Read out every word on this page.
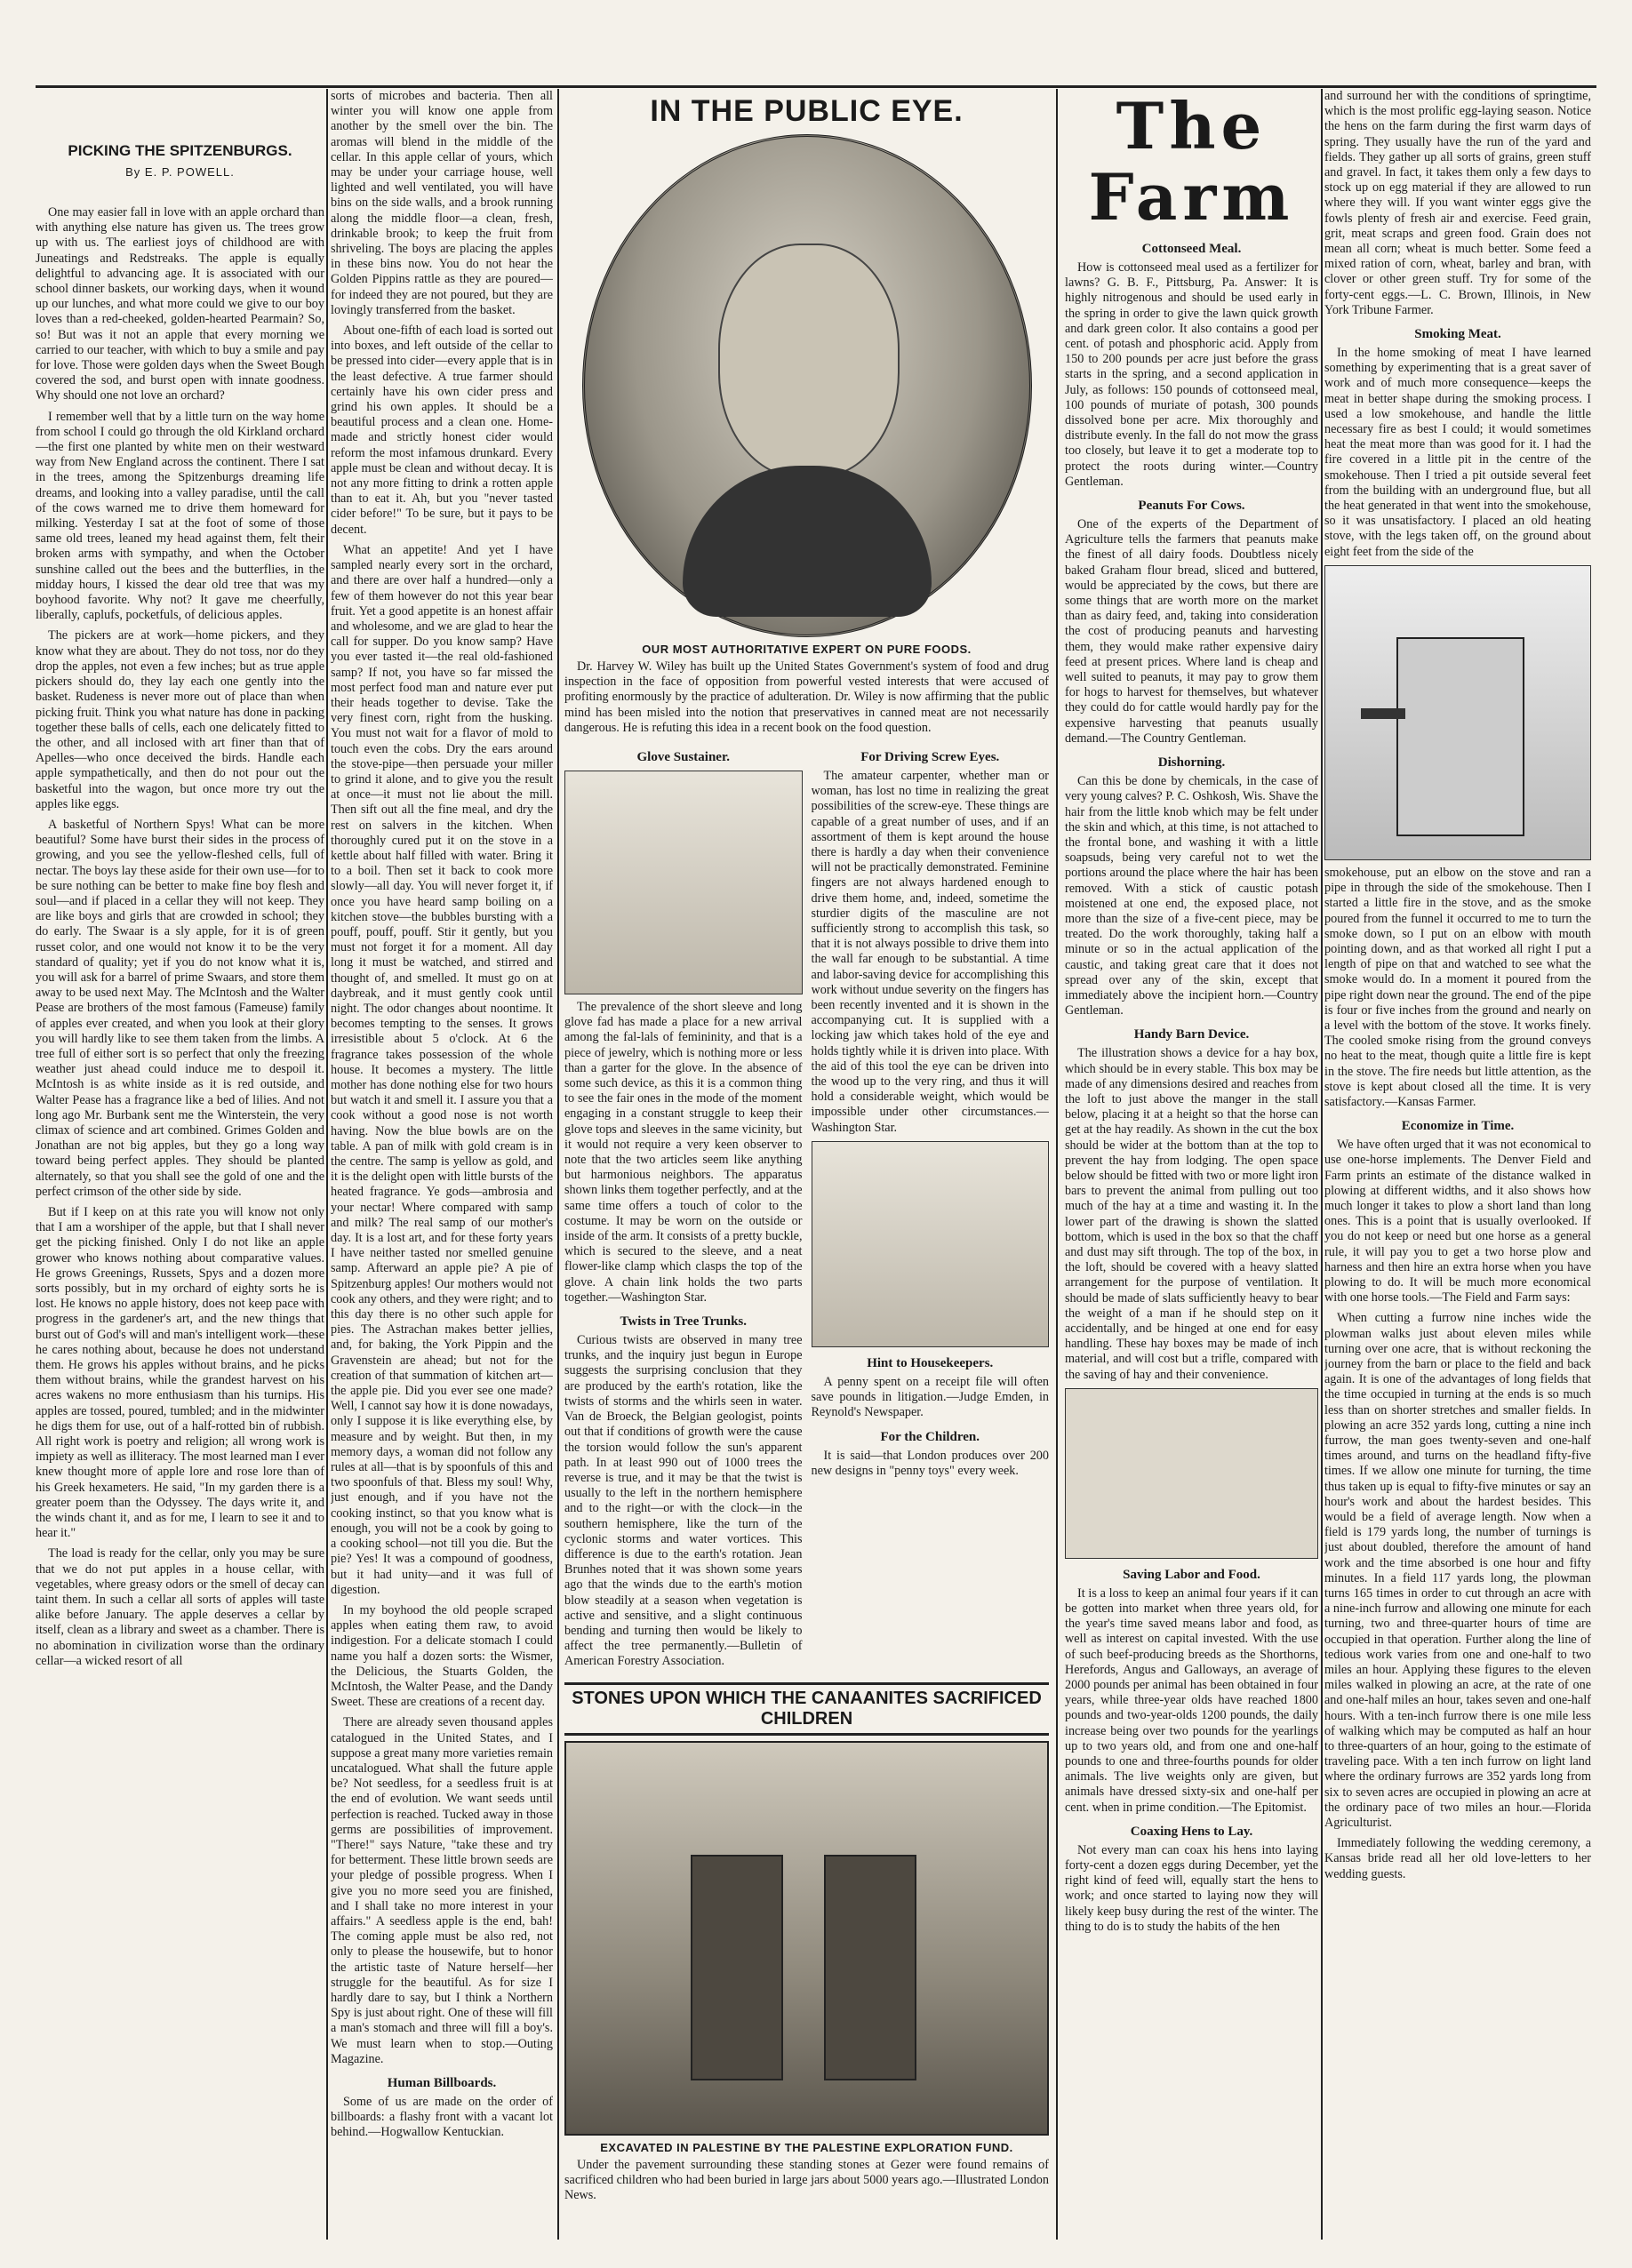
PICKING THE SPITZENBURGS.
By E. P. POWELL.

One may easier fall in love with an apple orchard than with anything else nature has given us. The trees grow up with us. The earliest joys of childhood are with Juneatings and Redstreaks. The apple is equally delightful to advancing age. It is associated with our school dinner baskets, our working days, when it wound up our lunches, and what more could we give to our boy loves than a red-cheeked, golden-hearted Pearmain? So, so! But was it not an apple that every morning we carried to our teacher, with which to buy a smile and pay for love. Those were golden days when the Sweet Bough covered the sod, and burst open with innate goodness. Why should one not love an orchard?

I remember well that by a little turn on the way home from school I could go through the old Kirkland orchard—the first one planted by white men on their westward way from New England across the continent. There I sat in the trees, among the Spitzenburgs dreaming life dreams, and looking into a valley paradise, until the call of the cows warned me to drive them homeward for milking. Yesterday I sat at the foot of some of those same old trees, leaned my head against them, felt their broken arms with sympathy, and when the October sunshine called out the bees and the butterflies, in the midday hours, I kissed the dear old tree that was my boyhood favorite. Why not? It gave me cheerfully, liberally, caplufs, pocketfuls, of delicious apples.

The pickers are at work—home pickers, and they know what they are about. They do not toss, nor do they drop the apples, not even a few inches; but as true apple pickers should do, they lay each one gently into the basket. Rudeness is never more out of place than when picking fruit. Think you what nature has done in packing together these balls of cells, each one delicately fitted to the other, and all inclosed with art finer than that of Apelles—who once deceived the birds. Handle each apple sympathetically, and then do not pour out the basketful into the wagon, but once more try out the apples like eggs.

A basketful of Northern Spys! What can be more beautiful? Some have burst their sides in the process of growing, and you see the yellow-fleshed cells, full of nectar. The boys lay these aside for their own use—for to be sure nothing can be better to make fine boy flesh and soul—and if placed in a cellar they will not keep. They are like boys and girls that are crowded in school; they do early. The Swaar is a sly apple, for it is of green russet color, and one would not know it to be the very standard of quality; yet if you do not know what it is, you will ask for a barrel of prime Swaars, and store them away to be used next May. The McIntosh and the Walter Pease are brothers of the most famous (Fameuse) family of apples ever created, and when you look at their glory you will hardly like to see them taken from the limbs. A tree full of either sort is so perfect that only the freezing weather just ahead could induce me to despoil it. McIntosh is as white inside as it is red outside, and Walter Pease has a fragrance like a bed of lilies. And not long ago Mr. Burbank sent me the Winterstein, the very climax of science and art combined. Grimes Golden and Jonathan are not big apples, but they go a long way toward being perfect apples. They should be planted alternately, so that you shall see the gold of one and the perfect crimson of the other side by side.

But if I keep on at this rate you will know not only that I am a worshiper of the apple, but that I shall never get the picking finished. Only I do not like an apple grower who knows nothing about comparative values. He grows Greenings, Russets, Spys and a dozen more sorts possibly, but in my orchard of eighty sorts he is lost. He knows no apple history, does not keep pace with progress in the gardener's art, and the new things that burst out of God's will and man's intelligent work—these he cares nothing about, because he does not understand them. He grows his apples without brains, and he picks them without brains, while the grandest harvest on his acres wakens no more enthusiasm than his turnips. His apples are tossed, poured, tumbled; and in the midwinter he digs them for use, out of a half-rotted bin of rubbish. All right work is poetry and religion; all wrong work is impiety as well as illiteracy. The most learned man I ever knew thought more of apple lore and rose lore than of his Greek hexameters. He said, "In my garden there is a greater poem than the Odyssey. The days write it, and the winds chant it, and as for me, I learn to see it and to hear it."

The load is ready for the cellar, only you may be sure that we do not put apples in a house cellar, with vegetables, where greasy odors or the smell of decay can taint them. In such a cellar all sorts of apples will taste alike before January. The apple deserves a cellar by itself, clean as a library and sweet as a chamber. There is no abomination in civilization worse than the ordinary cellar—a wicked resort of all

sorts of microbes and bacteria. Then all winter you will know one apple from another by the smell over the bin. The aromas will blend in the middle of the cellar. In this apple cellar of yours, which may be under your carriage house, well lighted and well ventilated, you will have bins on the side walls, and a brook running along the middle floor—a clean, fresh, drinkable brook; to keep the fruit from shriveling. The boys are placing the apples in these bins now. You do not hear the Golden Pippins rattle as they are poured—for indeed they are not poured, but they are lovingly transferred from the basket.

About one-fifth of each load is sorted out into boxes, and left outside of the cellar to be pressed into cider—every apple that is in the least defective. A true farmer should certainly have his own cider press and grind his own apples. It should be a beautiful process and a clean one. Home-made and strictly honest cider would reform the most infamous drunkard. Every apple must be clean and without decay. It is not any more fitting to drink a rotten apple than to eat it. Ah, but you "never tasted cider before!" To be sure, but it pays to be decent.

What an appetite! And yet I have sampled nearly every sort in the orchard, and there are over half a hundred—only a few of them however do not this year bear fruit. Yet a good appetite is an honest affair and wholesome, and we are glad to hear the call for supper. Do you know samp? Have you ever tasted it—the real old-fashioned samp? If not, you have so far missed the most perfect food man and nature ever put their heads together to devise. Take the very finest corn, right from the husking. You must not wait for a flavor of mold to touch even the cobs. Dry the ears around the stove-pipe—then persuade your miller to grind it alone, and to give you the result at once—it must not lie about the mill. Then sift out all the fine meal, and dry the rest on salvers in the kitchen. When thoroughly cured put it on the stove in a kettle about half filled with water. Bring it to a boil. Then set it back to cook more slowly—all day. You will never forget it, if once you have heard samp boiling on a kitchen stove—the bubbles bursting with a pouff, pouff, pouff. Stir it gently, but you must not forget it for a moment. All day long it must be watched, and stirred and thought of, and smelled. It must go on at daybreak, and it must gently cook until night. The odor changes about noontime. It becomes tempting to the senses. It grows irresistible about 5 o'clock. At 6 the fragrance takes possession of the whole house. It becomes a mystery. The little mother has done nothing else for two hours but watch it and smell it. I assure you that a cook without a good nose is not worth having. Now the blue bowls are on the table. A pan of milk with gold cream is in the centre. The samp is yellow as gold, and it is the delight open with little bursts of the heated fragrance. Ye gods—ambrosia and your nectar! Where compared with samp and milk? The real samp of our mother's day. It is a lost art, and for these forty years I have neither tasted nor smelled genuine samp. Afterward an apple pie? A pie of Spitzenburg apples! Our mothers would not cook any others, and they were right; and to this day there is no other such apple for pies. The Astrachan makes better jellies, and, for baking, the York Pippin and the Gravenstein are ahead; but not for the creation of that summation of kitchen art—the apple pie. Did you ever see one made? Well, I cannot say how it is done nowadays, only I suppose it is like everything else, by measure and by weight. But then, in my memory days, a woman did not follow any rules at all—that is by spoonfuls of this and two spoonfuls of that. Bless my soul! Why, just enough, and if you have not the cooking instinct, so that you know what is enough, you will not be a cook by going to a cooking school—not till you die. But the pie? Yes! It was a compound of goodness, but it had unity—and it was full of digestion.

In my boyhood the old people scraped apples when eating them raw, to avoid indigestion. For a delicate stomach I could name you half a dozen sorts: the Wismer, the Delicious, the Stuarts Golden, the McIntosh, the Walter Pease, and the Dandy Sweet. These are creations of a recent day.

There are already seven thousand apples catalogued in the United States, and I suppose a great many more varieties remain uncatalogued. What shall the future apple be? Not seedless, for a seedless fruit is at the end of evolution. We want seeds until perfection is reached. Tucked away in those germs are possibilities of improvement. "There!" says Nature, "take these and try for betterment. These little brown seeds are your pledge of possible progress. When I give you no more seed you are finished, and I shall take no more interest in your affairs." A seedless apple is the end, bah! The coming apple must be also red, not only to please the housewife, but to honor the artistic taste of Nature herself—her struggle for the beautiful. As for size I hardly dare to say, but I think a Northern Spy is just about right. One of these will fill a man's stomach and three will fill a boy's. We must learn when to stop.—Outing Magazine.

Human Billboards.

Some of us are made on the order of billboards: a flashy front with a vacant lot behind.—Hogwallow Kentuckian.

IN THE PUBLIC EYE.
OUR MOST AUTHORITATIVE EXPERT ON PURE FOODS.

Dr. Harvey W. Wiley has built up the United States Government's system of food and drug inspection in the face of opposition from powerful vested interests that were accused of profiting enormously by the practice of adulteration. Dr. Wiley is now affirming that the public mind has been misled into the notion that preservatives in canned meat are not necessarily dangerous. He is refuting this idea in a recent book on the food question.

Glove Sustainer.

The prevalence of the short sleeve and long glove fad has made a place for a new arrival among the fal-lals of femininity, and that is a piece of jewelry, which is nothing more or less than a garter for the glove. In the absence of some such device, as this it is a common thing to see the fair ones in the mode of the moment engaging in a constant struggle to keep their glove tops and sleeves in the same vicinity, but it would not require a very keen observer to note that the two articles seem like anything but harmonious neighbors. The apparatus shown links them together perfectly, and at the same time offers a touch of color to the costume. It may be worn on the outside or inside of the arm. It consists of a pretty buckle, which is secured to the sleeve, and a neat flower-like clamp which clasps the top of the glove. A chain link holds the two parts together.—Washington Star.

Twists in Tree Trunks.

Curious twists are observed in many tree trunks, and the inquiry just begun in Europe suggests the surprising conclusion that they are produced by the earth's rotation, like the twists of storms and the whirls seen in water. Van de Broeck, the Belgian geologist, points out that if conditions of growth were the cause the torsion would follow the sun's apparent path. In at least 990 out of 1000 trees the reverse is true, and it may be that the twist is usually to the left in the northern hemisphere and to the right—or with the clock—in the southern hemisphere, like the turn of the cyclonic storms and water vortices. This difference is due to the earth's rotation. Jean Brunhes noted that it was shown some years ago that the winds due to the earth's motion blow steadily at a season when vegetation is active and sensitive, and a slight continuous bending and turning then would be likely to affect the tree permanently.—Bulletin of American Forestry Association.

For Driving Screw Eyes.

The amateur carpenter, whether man or woman, has lost no time in realizing the great possibilities of the screw-eye. These things are capable of a great number of uses, and if an assortment of them is kept around the house there is hardly a day when their convenience will not be practically demonstrated. Feminine fingers are not always hardened enough to drive them home, and, indeed, sometime the sturdier digits of the masculine are not sufficiently strong to accomplish this task, so that it is not always possible to drive them into the wall far enough to be substantial. A time and labor-saving device for accomplishing this work without undue severity on the fingers has been recently invented and it is shown in the accompanying cut. It is supplied with a locking jaw which takes hold of the eye and holds tightly while it is driven into place. With the aid of this tool the eye can be driven into the wood up to the very ring, and thus it will hold a considerable weight, which would be impossible under other circumstances.—Washington Star.

Hint to Housekeepers.

A penny spent on a receipt file will often save pounds in litigation.—Judge Emden, in Reynold's Newspaper.

For the Children.

It is said—that London produces over 200 new designs in "penny toys" every week.

STONES UPON WHICH THE CANAANITES SACRIFICED CHILDREN
EXCAVATED IN PALESTINE BY THE PALESTINE EXPLORATION FUND.

Under the pavement surrounding these standing stones at Gezer were found remains of sacrificed children who had been buried in large jars about 5000 years ago.—Illustrated London News.

The Farm
Cottonseed Meal.

How is cottonseed meal used as a fertilizer for lawns? G. B. F., Pittsburg, Pa. Answer: It is highly nitrogenous and should be used early in the spring in order to give the lawn quick growth and dark green color. It also contains a good per cent. of potash and phosphoric acid. Apply from 150 to 200 pounds per acre just before the grass starts in the spring, and a second application in July, as follows: 150 pounds of cottonseed meal, 100 pounds of muriate of potash, 300 pounds dissolved bone per acre. Mix thoroughly and distribute evenly. In the fall do not mow the grass too closely, but leave it to get a moderate top to protect the roots during winter.—Country Gentleman.

Peanuts For Cows.

One of the experts of the Department of Agriculture tells the farmers that peanuts make the finest of all dairy foods. Doubtless nicely baked Graham flour bread, sliced and buttered, would be appreciated by the cows, but there are some things that are worth more on the market than as dairy feed, and, taking into consideration the cost of producing peanuts and harvesting them, they would make rather expensive dairy feed at present prices. Where land is cheap and well suited to peanuts, it may pay to grow them for hogs to harvest for themselves, but whatever they could do for cattle would hardly pay for the expensive harvesting that peanuts usually demand.—The Country Gentleman.

Dishorning.

Can this be done by chemicals, in the case of very young calves? P. C. Oshkosh, Wis. Shave the hair from the little knob which may be felt under the skin and which, at this time, is not attached to the frontal bone, and washing it with a little soapsuds, being very careful not to wet the portions around the place where the hair has been removed. With a stick of caustic potash moistened at one end, the exposed place, not more than the size of a five-cent piece, may be treated. Do the work thoroughly, taking half a minute or so in the actual application of the caustic, and taking great care that it does not spread over any of the skin, except that immediately above the incipient horn.—Country Gentleman.

Handy Barn Device.

The illustration shows a device for a hay box, which should be in every stable. This box may be made of any dimensions desired and reaches from the loft to just above the manger in the stall below, placing it at a height so that the horse can get at the hay readily. As shown in the cut the box should be wider at the bottom than at the top to prevent the hay from lodging. The open space below should be fitted with two or more light iron bars to prevent the animal from pulling out too much of the hay at a time and wasting it. In the lower part of the drawing is shown the slatted bottom, which is used in the box so that the chaff and dust may sift through. The top of the box, in the loft, should be covered with a heavy slatted arrangement for the purpose of ventilation. It should be made of slats sufficiently heavy to bear the weight of a man if he should step on it accidentally, and be hinged at one end for easy handling. These hay boxes may be made of inch material, and will cost but a trifle, compared with the saving of hay and their convenience.

Saving Labor and Food.

It is a loss to keep an animal four years if it can be gotten into market when three years old, for the year's time saved means labor and food, as well as interest on capital invested. With the use of such beef-producing breeds as the Shorthorns, Herefords, Angus and Galloways, an average of 2000 pounds per animal has been obtained in four years, while three-year olds have reached 1800 pounds and two-year-olds 1200 pounds, the daily increase being over two pounds for the yearlings up to two years old, and from one and one-half pounds to one and three-fourths pounds for older animals. The live weights only are given, but animals have dressed sixty-six and one-half per cent. when in prime condition.—The Epitomist.

Coaxing Hens to Lay.

Not every man can coax his hens into laying forty-cent a dozen eggs during December, yet the right kind of feed will, equally start the hens to work; and once started to laying now they will likely keep busy during the rest of the winter. The thing to do is to study the habits of the hen

and surround her with the conditions of springtime, which is the most prolific egg-laying season. Notice the hens on the farm during the first warm days of spring. They usually have the run of the yard and fields. They gather up all sorts of grains, green stuff and gravel. In fact, it takes them only a few days to stock up on egg material if they are allowed to run where they will. If you want winter eggs give the fowls plenty of fresh air and exercise. Feed grain, grit, meat scraps and green food. Grain does not mean all corn; wheat is much better. Some feed a mixed ration of corn, wheat, barley and bran, with clover or other green stuff. Try for some of the forty-cent eggs.—L. C. Brown, Illinois, in New York Tribune Farmer.

Smoking Meat.

In the home smoking of meat I have learned something by experimenting that is a great saver of work and of much more consequence—keeps the meat in better shape during the smoking process. I used a low smokehouse, and handle the little necessary fire as best I could; it would sometimes heat the meat more than was good for it. I had the fire covered in a little pit in the centre of the smokehouse. Then I tried a pit outside several feet from the building with an underground flue, but all the heat generated in that went into the smokehouse, so it was unsatisfactory. I placed an old heating stove, with the legs taken off, on the ground about eight feet from the side of the

smokehouse, put an elbow on the stove and ran a pipe in through the side of the smokehouse. Then I started a little fire in the stove, and as the smoke poured from the funnel it occurred to me to turn the smoke down, so I put on an elbow with mouth pointing down, and as that worked all right I put a length of pipe on that and watched to see what the smoke would do. In a moment it poured from the pipe right down near the ground. The end of the pipe is four or five inches from the ground and nearly on a level with the bottom of the stove. It works finely. The cooled smoke rising from the ground conveys no heat to the meat, though quite a little fire is kept in the stove. The fire needs but little attention, as the stove is kept about closed all the time. It is very satisfactory.—Kansas Farmer.

Economize in Time.

We have often urged that it was not economical to use one-horse implements. The Denver Field and Farm prints an estimate of the distance walked in plowing at different widths, and it also shows how much longer it takes to plow a short land than long ones. This is a point that is usually overlooked. If you do not keep or need but one horse as a general rule, it will pay you to get a two horse plow and harness and then hire an extra horse when you have plowing to do. It will be much more economical with one horse tools.—The Field and Farm says:

When cutting a furrow nine inches wide the plowman walks just about eleven miles while turning over one acre, that is without reckoning the journey from the barn or place to the field and back again. It is one of the advantages of long fields that the time occupied in turning at the ends is so much less than on shorter stretches and smaller fields. In plowing an acre 352 yards long, cutting a nine inch furrow, the man goes twenty-seven and one-half times around, and turns on the headland fifty-five times. If we allow one minute for turning, the time thus taken up is equal to fifty-five minutes or say an hour's work and about the hardest besides. This would be a field of average length. Now when a field is 179 yards long, the number of turnings is just about doubled, therefore the amount of hand work and the time absorbed is one hour and fifty minutes. In a field 117 yards long, the plowman turns 165 times in order to cut through an acre with a nine-inch furrow and allowing one minute for each turning, two and three-quarter hours of time are occupied in that operation. Further along the line of tedious work varies from one and one-half to two miles an hour. Applying these figures to the eleven miles walked in plowing an acre, at the rate of one and one-half miles an hour, takes seven and one-half hours. With a ten-inch furrow there is one mile less of walking which may be computed as half an hour to three-quarters of an hour, going to the estimate of traveling pace. With a ten inch furrow on light land where the ordinary furrows are 352 yards long from six to seven acres are occupied in plowing an acre at the ordinary pace of two miles an hour.—Florida Agriculturist.

Immediately following the wedding ceremony, a Kansas bride read all her old love-letters to her wedding guests.
